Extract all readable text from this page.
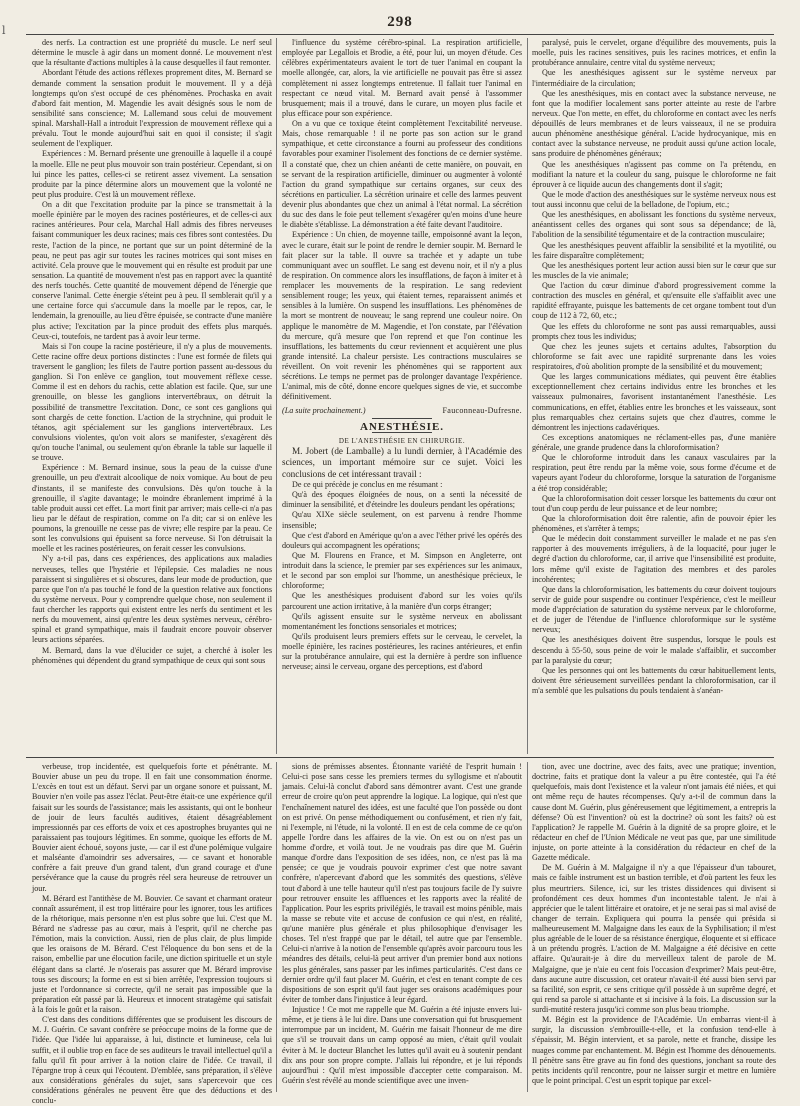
l
298

des nerfs. La contraction est une propriété du muscle. Le nerf seul détermine le muscle à agir dans un moment donné. Le mouvement n'est que la résultante d'actions multiples à la cause desquelles il faut remonter.

Abordant l'étude des actions réflexes proprement dites, M. Bernard se demande comment la sensation produit le mouvement. Il y a déjà longtemps qu'on s'est occupé de ces phénomènes. Prochaska en avait d'abord fait mention, M. Magendie les avait désignés sous le nom de sensibilité sans conscience; M. Lallemand sous celui de mouvement spinal. Marshall-Hall a introduit l'expression de mouvement réflexe qui a prévalu. Tout le monde aujourd'hui sait en quoi il consiste; il s'agit seulement de l'expliquer.

Expériences : M. Bernard présente une grenouille à laquelle il a coupé la moelle. Elle ne peut plus mouvoir son train postérieur. Cependant, si on lui pince les pattes, celles-ci se retirent assez vivement. La sensation produite par la pince détermine alors un mouvement que la volonté ne peut plus produire. C'est là un mouvement réflexe.

On a dit que l'excitation produite par la pince se transmettait à la moelle épinière par le moyen des racines postérieures, et de celles-ci aux racines antérieures. Pour cela, Marchal Hall admis des fibres nerveuses faisant communiquer les deux racines; mais ces fibres sont contestées. Du reste, l'action de la pince, ne portant que sur un point déterminé de la peau, ne peut pas agir sur toutes les racines motrices qui sont mises en activité. Cela prouve que le mouvement qui en résulte est produit par une sensation. La quantité de mouvement n'est pas en rapport avec la quantité des nerfs touchés. Cette quantité de mouvement dépend de l'énergie que conserve l'animal. Cette énergie s'éteint peu à peu. Il semblerait qu'il y a une certaine force qui s'accumule dans la moelle par le repos, car, le lendemain, la grenouille, au lieu d'être épuisée, se contracte d'une manière plus active; l'excitation par la pince produit des effets plus marqués. Ceux-ci, toutefois, ne tardent pas à avoir leur terme.

Mais si l'on coupe la racine postérieure, il n'y a plus de mouvements. Cette racine offre deux portions distinctes : l'une est formée de filets qui traversent le ganglion; les filets de l'autre portion passent au-dessous du ganglion. Si l'on enlève ce ganglion, tout mouvement réflexe cesse. Comme il est en dehors du rachis, cette ablation est facile. Que, sur une grenouille, on blesse les ganglions intervertébraux, on détruit la possibilité de transmettre l'excitation. Donc, ce sont ces ganglions qui sont chargés de cette fonction. L'action de la strychnine, qui produit le tétanos, agit spécialement sur les ganglions intervertébraux. Les convulsions violentes, qu'on voit alors se manifester, s'exagèrent dès qu'on touche l'animal, ou seulement qu'on ébranle la table sur laquelle il se trouve.

Expérience : M. Bernard insinue, sous la peau de la cuisse d'une grenouille, un peu d'extrait alcoolique de noix vomique. Au bout de peu d'instants, il se manifeste des convulsions. Dès qu'on touche à la grenouille, il s'agite davantage; le moindre ébranlement imprimé à la table produit aussi cet effet. La mort finit par arriver; mais celle-ci n'a pas lieu par le défaut de respiration, comme on l'a dit; car si on enlève les poumons, la grenouille ne cesse pas de vivre; elle respire par la peau. Ce sont les convulsions qui épuisent sa force nerveuse. Si l'on détruisait la moelle et les racines postérieures, on ferait cesser les convulsions.

N'y a-t-il pas, dans ces expériences, des applications aux maladies nerveuses, telles que l'hystérie et l'épilepsie. Ces maladies ne nous paraissent si singulières et si obscures, dans leur mode de production, que parce que l'on n'a pas touché le fond de la question relative aux fonctions du système nerveux. Pour y comprendre quelque chose, non seulement il faut chercher les rapports qui existent entre les nerfs du sentiment et les nerfs du mouvement, ainsi qu'entre les deux systèmes nerveux, cérébro-spinal et grand sympathique, mais il faudrait encore pouvoir observer leurs actions séparées.

M. Bernard, dans la vue d'élucider ce sujet, a cherché à isoler les phénomènes qui dépendent du grand sympathique de ceux qui sont sous

l'influence du système cérébro-spinal. La respiration artificielle, employée par Legallois et Brodie, a été, pour lui, un moyen d'étude. Ces célèbres expérimentateurs avaient le tort de tuer l'animal en coupant la moelle allongée, car, alors, la vie artificielle ne pouvait pas être si assez complètement ni assez longtemps entretenue. Il fallait tuer l'animal en respectant ce nœud vital. M. Bernard avait pensé à l'assommer brusquement; mais il a trouvé, dans le curare, un moyen plus facile et plus efficace pour son expérience.

On a vu que ce toxique éteint complètement l'excitabilité nerveuse. Mais, chose remarquable ! il ne porte pas son action sur le grand sympathique, et cette circonstance a fourni au professeur des conditions favorables pour examiner l'isolement des fonctions de ce dernier système. Il a constaté que, chez un chien anéanti de cette manière, on pouvait, en se servant de la respiration artificielle, diminuer ou augmenter à volonté l'action du grand sympathique sur certains organes, sur ceux des sécrétions en particulier. La sécrétion urinaire et celle des larmes peuvent devenir plus abondantes que chez un animal à l'état normal. La sécrétion du suc des dans le foie peut tellement s'exagérer qu'en moins d'une heure le diabète s'établisse. La démonstration a été faite devant l'auditoire.

Expérience : Un chien, de moyenne taille, empoisonné avant la leçon, avec le curare, était sur le point de rendre le dernier soupir. M. Bernard le fait placer sur la table. Il ouvre sa trachée et y adapte un tube communiquant avec un soufflet. Le sang est devenu noir, et il n'y a plus de respiration. On commence alors les insufflations, de façon à imiter et à remplacer les mouvements de la respiration. Le sang redevient sensiblement rouge; les yeux, qui étaient ternes, reparaissent animés et sensibles à la lumière. On suspend les insufflations. Les phénomènes de la mort se montrent de nouveau; le sang reprend une couleur noire. On applique le manomètre de M. Magendie, et l'on constate, par l'élévation du mercure, qu'à mesure que l'on reprend et que l'on continue les insufflations, les battements du cœur reviennent et acquièrent une plus grande intensité. La chaleur persiste. Les contractions musculaires se réveillent. On voit revenir les phénomènes qui se rapportent aux sécrétions. Le temps ne permet pas de prolonger davantage l'expérience. L'animal, mis de côté, donne encore quelques signes de vie, et succombe définitivement.

(La suite prochainement.)	Fauconneau-Dufresne.

ANESTHÉSIE.

DE L'ANESTHÉSIE EN CHIRURGIE.

M. Jobert (de Lamballe) a lu lundi dernier, à l'Académie des sciences, un important mémoire sur ce sujet. Voici les conclusions de cet intéressant travail :

De ce qui précède je conclus en me résumant :

Qu'à des époques éloignées de nous, on a senti la nécessité de diminuer la sensibilité, et d'éteindre les douleurs pendant les opérations;

Qu'au XIXe siècle seulement, on est parvenu à rendre l'homme insensible;

Que c'est d'abord en Amérique qu'on a avec l'éther privé les opérés des douleurs qui accompagnent les opérations;

Que M. Flourens en France, et M. Simpson en Angleterre, ont introduit dans la science, le premier par ses expériences sur les animaux, et le second par son emploi sur l'homme, un anesthésique précieux, le chloroforme;

Que les anesthésiques produisent d'abord sur les voies qu'ils parcourent une action irritative, à la manière d'un corps étranger;

Qu'ils agissent ensuite sur le système nerveux en abolissant momentanément les fonctions sensoriales et motrices;

Qu'ils produisent leurs premiers effets sur le cerveau, le cervelet, la moelle épinière, les racines postérieures, les racines antérieures, et enfin sur la protubérance annulaire, qui est la dernière à perdre son influence nerveuse; ainsi le cerveau, organe des perceptions, est d'abord

paralysé, puis le cervelet, organe d'équilibre des mouvements, puis la moelle, puis les racines sensitives, puis les racines motrices, et enfin la protubérance annulaire, centre vital du système nerveux;

Que les anesthésiques agissent sur le système nerveux par l'intermédiaire de la circulation;

Que les anesthésiques, mis en contact avec la substance nerveuse, ne font que la modifier localement sans porter atteinte au reste de l'arbre nerveux. Que l'on mette, en effet, du chloroforme en contact avec les nerfs dépouillés de leurs membranes et de leurs vaisseaux, il ne se produira aucun phénomène anesthésique général. L'acide hydrocyanique, mis en contact avec la substance nerveuse, ne produit aussi qu'une action locale, sans produire de phénomènes généraux;

Que les anesthésiques n'agissent pas comme on l'a prétendu, en modifiant la nature et la couleur du sang, puisque le chloroforme ne fait éprouver à ce liquide aucun des changements dont il s'agit;

Que le mode d'action des anesthésiques sur le système nerveux nous est tout aussi inconnu que celui de la belladone, de l'opium, etc.;

Que les anesthésiques, en abolissant les fonctions du système nerveux, anéantissent celles des organes qui sont sous sa dépendance; de là, l'abolition de la sensibilité tégumentaire et de la contraction musculaire;

Que les anesthésiques peuvent affaiblir la sensibilité et la myotilité, ou les faire disparaître complètement;

Que les anesthésiques portent leur action aussi bien sur le cœur que sur les muscles de la vie animale;

Que l'action du cœur diminue d'abord progressivement comme la contraction des muscles en général, et qu'ensuite elle s'affaiblit avec une rapidité effrayante, puisque les battements de cet organe tombent tout d'un coup de 112 à 72, 60, etc.;

Que les effets du chloroforme ne sont pas aussi remarquables, aussi prompts chez tous les individus;

Que chez les jeunes sujets et certains adultes, l'absorption du chloroforme se fait avec une rapidité surprenante dans les voies respiratoires, d'où abolition prompte de la sensibilité et du mouvement;

Que les larges communications médiates, qui peuvent être établies exceptionnellement chez certains individus entre les bronches et les vaisseaux pulmonaires, favorisent instantanément l'anesthésie. Les communications, en effet, établies entre les bronches et les vaisseaux, sont plus remarquables chez certains sujets que chez d'autres, comme le démontrent les injections cadavériques.

Ces exceptions anatomiques ne réclament-elles pas, d'une manière générale, une grande prudence dans la chloroformisation?

Que le chloroforme introduit dans les canaux vasculaires par la respiration, peut être rendu par la même voie, sous forme d'écume et de vapeurs ayant l'odeur du chloroforme, lorsque la saturation de l'organisme a été trop considérable;

Que la chloroformisation doit cesser lorsque les battements du cœur ont tout d'un coup perdu de leur puissance et de leur nombre;

Que la chloroformisation doit être ralentie, afin de pouvoir épier les phénomènes, et s'arrêter à temps;

Que le médecin doit constamment surveiller le malade et ne pas s'en rapporter à des mouvements irréguliers, à de la loquacité, pour juger le degré d'action du chloroforme, car, il arrive que l'insensibilité est produite, lors même qu'il existe de l'agitation des membres et des paroles incohérentes;

Que dans la chloroformisation, les battements du cœur doivent toujours servir de guide pour suspendre ou continuer l'expérience, c'est le meilleur mode d'appréciation de saturation du système nerveux par le chloroforme, et de juger de l'étendue de l'influence chloroformique sur le système nerveux;

Que les anesthésiques doivent être suspendus, lorsque le pouls est descendu à 55-50, sous peine de voir le malade s'affaiblir, et succomber par la paralysie du cœur;

Que les personnes qui ont les battements du cœur habituellement lents, doivent être sérieusement surveillées pendant la chloroformisation, car il m'a semblé que les pulsations du pouls tendaient à s'anéan-

verbeuse, trop incidentée, est quelquefois forte et pénétrante. M. Bouvier abuse un peu du trope. Il en fait une consommation énorme. L'excès en tout est un défaut. Servi par un organe sonore et puissant, M. Bouvier n'en voile pas assez l'éclat. Peut-être était-ce une expérience qu'il faisait sur les sourds de l'assistance; mais les assistants, qui ont le bonheur de jouir de leurs facultés auditives, étaient désagréablement impressionnés par ces efforts de voix et ces apostrophes bruyantes qui ne paraissaient pas toujours légitimes. En somme, quoique les efforts de M. Bouvier aient échoué, soyons juste, — car il est d'une polémique vulgaire et malséante d'amoindrir ses adversaires, — ce savant et honorable confrère a fait preuve d'un grand talent, d'un grand courage et d'une persévérance que la cause du progrès réel sera heureuse de retrouver un jour.

M. Bérard est l'antithèse de M. Bouvier. Ce savant et charmant orateur connaît assurément, il est trop littéraire pour les ignorer, tous les artifices de la rhétorique, mais personne n'en est plus sobre que lui. C'est que M. Bérard ne s'adresse pas au cœur, mais à l'esprit, qu'il ne cherche pas l'émotion, mais la conviction. Aussi, rien de plus clair, de plus limpide que les oraisons de M. Bérard. C'est l'éloquence du bon sens et de la raison, embellie par une élocution facile, une diction spirituelle et un style élégant dans sa clarté. Je n'oserais pas assurer que M. Bérard improvise tous ses discours; la forme en est si bien arrêtée, l'expression toujours si juste et l'ordonnance si correcte, qu'il ne serait pas impossible que la préparation eût passé par là. Heureux et innocent stratagème qui satisfait à la fois le goût et la raison.

C'est dans des conditions différentes que se produisent les discours de M. J. Guérin. Ce savant confrère se préoccupe moins de la forme que de l'idée. Que l'idée lui apparaisse, à lui, distincte et lumineuse, cela lui suffit, et il oublie trop en face de ses auditeurs le travail intellectuel qu'il a fallu qu'il fît pour arriver à la notion claire de l'idée. Ce travail, il l'épargne trop à ceux qui l'écoutent. D'emblée, sans préparation, il s'élève aux considérations générales du sujet, sans s'apercevoir que ces considérations générales ne peuvent être que des déductions et des conclu-

sions de prémisses absentes. Étonnante variété de l'esprit humain ! Celui-ci pose sans cesse les premiers termes du syllogisme et n'aboutit jamais. Celui-là conclut d'abord sans démontrer avant. C'est une grande erreur de croire qu'on peut apprendre la logique. La logique, qui n'est que l'enchaînement naturel des idées, est une faculté que l'on possède ou dont on est privé. On pense méthodiquement ou confusément, et rien n'y fait, ni l'exemple, ni l'étude, ni la volonté. Il en est de cela comme de ce qu'on appelle l'ordre dans les affaires de la vie. On est ou on n'est pas un homme d'ordre, et voilà tout. Je ne voudrais pas dire que M. Guérin manque d'ordre dans l'exposition de ses idées, non, ce n'est pas là ma pensée; ce que je voudrais pouvoir exprimer c'est que notre savant confrère, n'apercevant d'abord que les sommités des questions, s'élève tout d'abord à une telle hauteur qu'il n'est pas toujours facile de l'y suivre pour retrouver ensuite les affluences et les rapports avec la réalité de l'application. Pour les esprits privilégiés, le travail est moins pénible, mais la masse se rebute vite et accuse de confusion ce qui n'est, en réalité, qu'une manière plus générale et plus philosophique d'envisager les choses. Tel n'est frappé que par le détail, tel autre que par l'ensemble. Celui-ci n'arrive à la notion de l'ensemble qu'après avoir parcouru tous les méandres des détails, celui-là peut arriver d'un premier bond aux notions les plus générales, sans passer par les infimes particularités. C'est dans ce dernier ordre qu'il faut placer M. Guérin, et c'est en tenant compte de ces dispositions de son esprit qu'il faut juger ses oraisons académiques pour éviter de tomber dans l'injustice à leur égard.

Injustice ! Ce mot me rappelle que M. Guérin a été injuste envers lui-même, et je tiens à le lui dire. Dans une conversation qui fut brusquement interrompue par un incident, M. Guérin me faisait l'honneur de me dire que s'il se trouvait dans un camp opposé au mien, c'était qu'il voulait éviter à M. le docteur Blanchet les luttes qu'il avait eu à soutenir pendant dix ans pour son propre compte. J'allais lui répondre, et je lui réponds aujourd'hui : Qu'il m'est impossible d'accepter cette comparaison. M. Guérin s'est révélé au monde scientifique avec une inven-

tion, avec une doctrine, avec des faits, avec une pratique; invention, doctrine, faits et pratique dont la valeur a pu être contestée, qui l'a été quelquefois, mais dont l'existence et la valeur n'ont jamais été niées, et qui ont même reçu de hautes récompenses. Qu'y a-t-il de commun dans la cause dont M. Guérin, plus généreusement que légitimement, a entrepris la défense? Où est l'invention? où est la doctrine? où sont les faits? où est l'application? Je rappelle M. Guérin à la dignité de sa propre gloire, et le rédacteur en chef de l'Union Médicale ne veut pas que, par une similitude injuste, on porte atteinte à la considération du rédacteur en chef de la Gazette médicale.

De M. Guérin à M. Malgaigne il n'y a que l'épaisseur d'un tabouret, mais ce faible instrument est un bastion terrible, et d'où partent les feux les plus meurtriers. Silence, ici, sur les tristes dissidences qui divisent si profondément ces deux hommes d'un incontestable talent. Je n'ai à apprécier que le talent littéraire et oratoire, et je ne serai pas si mal avisé de changer de terrain. Expliquera qui pourra la pensée qui présida si malheureusement M. Malgaigne dans les eaux de la Syphilisation; il m'est plus agréable de le louer de sa résistance énergique, éloquente et si efficace à un prétendu progrès. L'action de M. Malgaigne a été décisive en cette affaire. Qu'aurait-je à dire du merveilleux talent de parole de M. Malgaigne, que je n'aie eu cent fois l'occasion d'exprimer? Mais peut-être, dans aucune autre discussion, cet orateur n'avait-il été aussi bien servi par sa facilité, son esprit, ce sens critique qu'il possède à un suprême degré, et qui rend sa parole si attachante et si incisive à la fois. La discussion sur la surdi-mutité restera jusqu'ici comme son plus beau triomphe.

M. Bégin est la providence de l'Académie. Un embarras vient-il à surgir, la discussion s'embrouille-t-elle, et la confusion tend-elle à s'épaissir, M. Bégin intervient, et sa parole, nette et franche, dissipe les nuages comme par enchantement. M. Bégin est l'homme des dénouements. Il pénètre sans être grave au fin fond des questions, jonchant sa route des petits incidents qu'il rencontre, pour ne laisser surgir et mettre en lumière que le point principal. C'est un esprit topique par excel-
